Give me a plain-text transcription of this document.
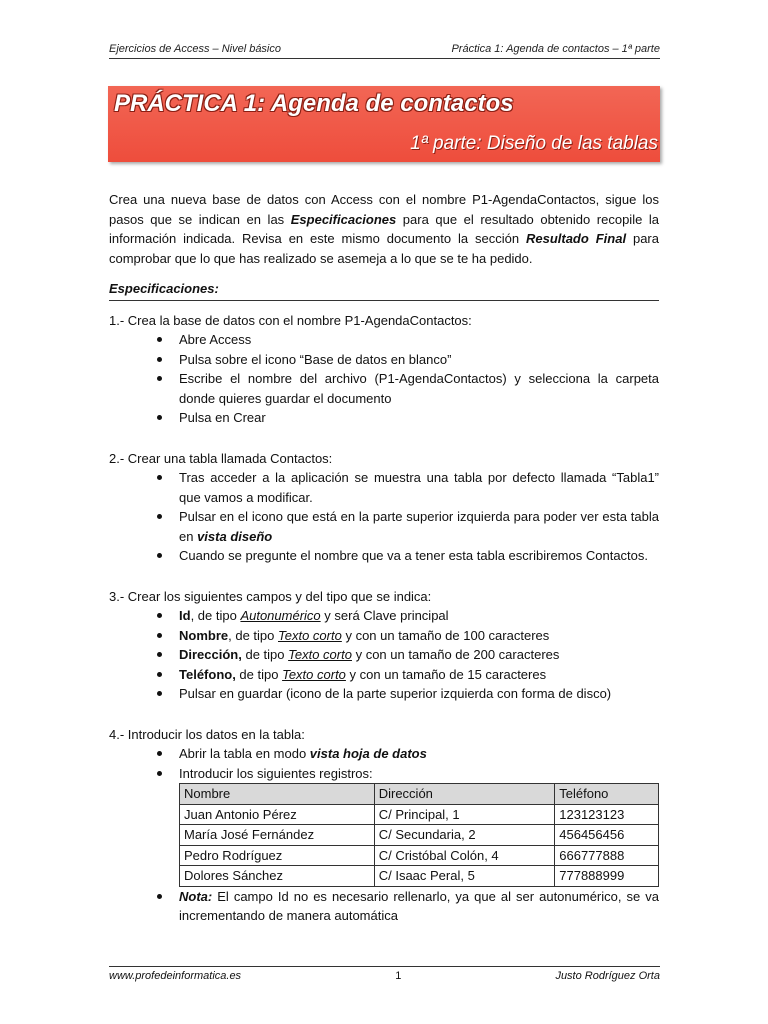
Ejercicios de Access – Nivel básico	Práctica 1: Agenda de contactos – 1ª parte
PRÁCTICA 1: Agenda de contactos
1ª parte: Diseño de las tablas

Crea una nueva base de datos con Access con el nombre P1-AgendaContactos, sigue los pasos que se indican en las Especificaciones para que el resultado obtenido recopile la información indicada. Revisa en este mismo documento la sección Resultado Final para comprobar que lo que has realizado se asemeja a lo que se te ha pedido.

Especificaciones:

1.- Crea la base de datos con el nombre P1-AgendaContactos:

Abre Access
Pulsa sobre el icono “Base de datos en blanco”
Escribe el nombre del archivo (P1-AgendaContactos) y selecciona la carpeta donde quieres guardar el documento
Pulsa en Crear

2.- Crear una tabla llamada Contactos:

Tras acceder a la aplicación se muestra una tabla por defecto llamada “Tabla1” que vamos a modificar.
Pulsar en el icono que está en la parte superior izquierda para poder ver esta tabla en vista diseño
Cuando se pregunte el nombre que va a tener esta tabla escribiremos Contactos.

3.- Crear los siguientes campos y del tipo que se indica:

Id, de tipo Autonumérico y será Clave principal
Nombre, de tipo Texto corto y con un tamaño de 100 caracteres
Dirección, de tipo Texto corto y con un tamaño de 200 caracteres
Teléfono, de tipo Texto corto y con un tamaño de 15 caracteres
Pulsar en guardar (icono de la parte superior izquierda con forma de disco)

4.- Introducir los datos en la tabla:

Abrir la tabla en modo vista hoja de datos
Introducir los siguientes registros:
Nombre	Dirección	Teléfono
Juan Antonio Pérez	C/ Principal, 1	123123123
María José Fernández	C/ Secundaria, 2	456456456
Pedro Rodríguez	C/ Cristóbal Colón, 4	666777888
Dolores Sánchez	C/ Isaac Peral, 5	777888999
Nota: El campo Id no es necesario rellenarlo, ya que al ser autonumérico, se va incrementando de manera automática
www.profedeinformatica.es	1	Justo Rodríguez Orta
